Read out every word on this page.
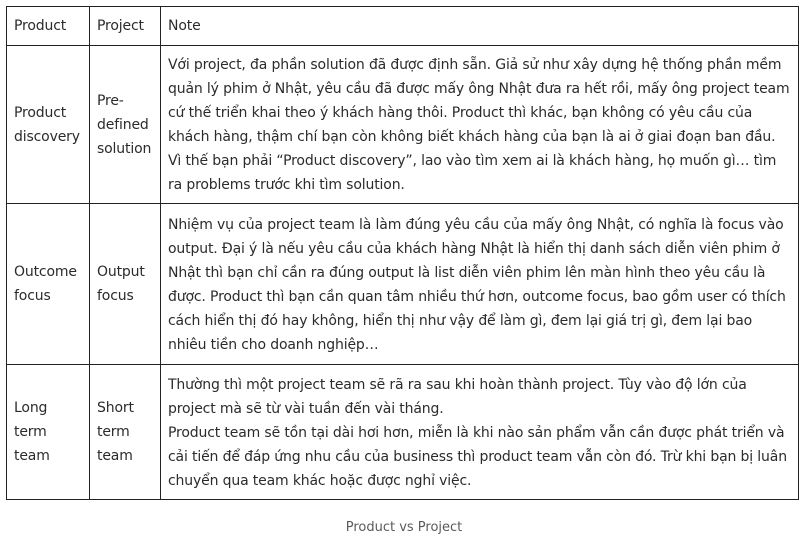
Product	Project	Note
Product discovery	Pre-defined solution	Với project, đa phần solution đã được định sẵn. Giả sử như xây dựng hệ thống phần mềm quản lý phim ở Nhật, yêu cầu đã được mấy ông Nhật đưa ra hết rồi, mấy ông project team cứ thế triển khai theo ý khách hàng thôi. Product thì khác, bạn không có yêu cầu của khách hàng, thậm chí bạn còn không biết khách hàng của bạn là ai ở giai đoạn ban đầu. Vì thế bạn phải “Product discovery”, lao vào tìm xem ai là khách hàng, họ muốn gì… tìm ra problems trước khi tìm solution.

Outcome focus	Output focus	Nhiệm vụ của project team là làm đúng yêu cầu của mấy ông Nhật, có nghĩa là focus vào output. Đại ý là nếu yêu cầu của khách hàng Nhật là hiển thị danh sách diễn viên phim ở Nhật thì bạn chỉ cần ra đúng output là list diễn viên phim lên màn hình theo yêu cầu là được. Product thì bạn cần quan tâm nhiều thứ hơn, outcome focus, bao gồm user có thích cách hiển thị đó hay không, hiển thị như vậy để làm gì, đem lại giá trị gì, đem lại bao nhiêu tiền cho doanh nghiệp…

Long term team	Short term team	Thường thì một project team sẽ rã ra sau khi hoàn thành project. Tùy vào độ lớn của project mà sẽ từ vài tuần đến vài tháng.
Product team sẽ tồn tại dài hơi hơn, miễn là khi nào sản phẩm vẫn cần được phát triển và cải tiến để đáp ứng nhu cầu của business thì product team vẫn còn đó. Trừ khi bạn bị luân chuyển qua team khác hoặc được nghỉ việc.
Product vs Project
